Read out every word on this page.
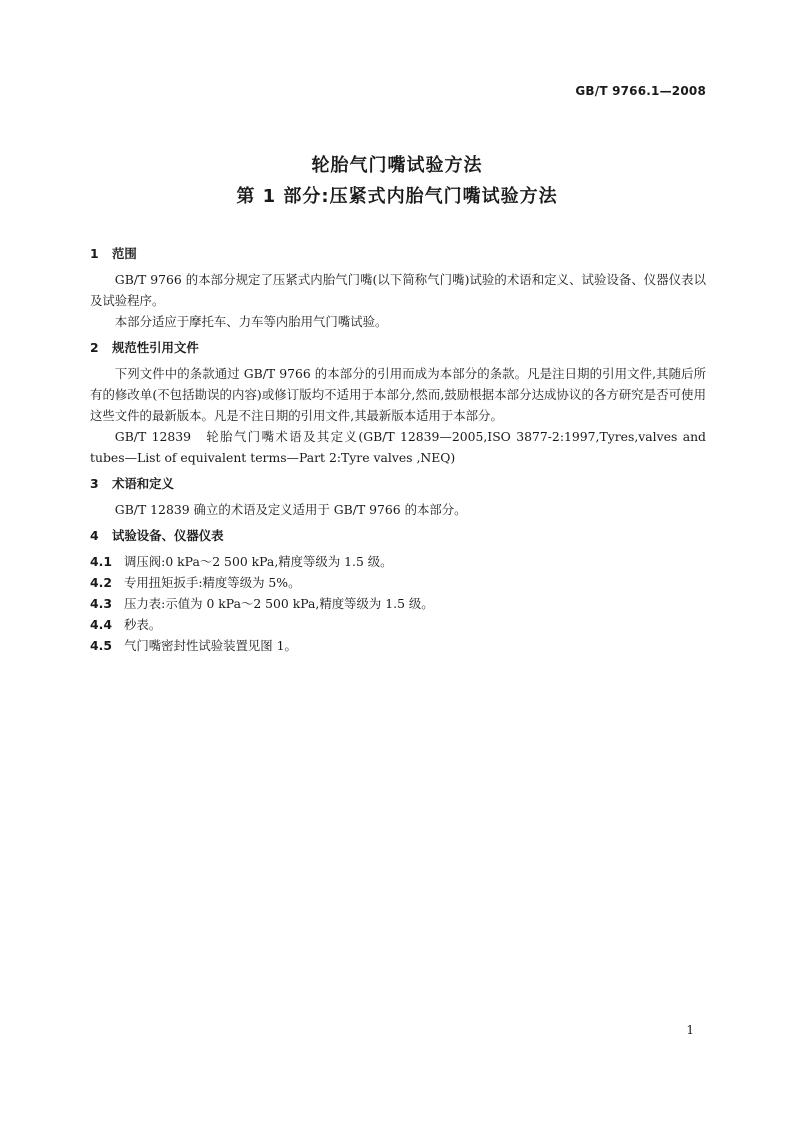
GB/T 9766.1—2008
轮胎气门嘴试验方法
第 1 部分:压紧式内胎气门嘴试验方法
1 范围

GB/T 9766 的本部分规定了压紧式内胎气门嘴(以下简称气门嘴)试验的术语和定义、试验设备、仪器仪表以及试验程序。

本部分适应于摩托车、力车等内胎用气门嘴试验。

2 规范性引用文件

下列文件中的条款通过 GB/T 9766 的本部分的引用而成为本部分的条款。凡是注日期的引用文件,其随后所有的修改单(不包括勘误的内容)或修订版均不适用于本部分,然而,鼓励根据本部分达成协议的各方研究是否可使用这些文件的最新版本。凡是不注日期的引用文件,其最新版本适用于本部分。

GB/T 12839　轮胎气门嘴术语及其定义(GB/T 12839—2005,ISO 3877-2:1997,Tyres,valves and tubes—List of equivalent terms—Part 2:Tyre valves ,NEQ)

3 术语和定义

GB/T 12839 确立的术语及定义适用于 GB/T 9766 的本部分。

4 试验设备、仪器仪表
4.1 调压阀:0 kPa～2 500 kPa,精度等级为 1.5 级。
4.2 专用扭矩扳手:精度等级为 5%。
4.3 压力表:示值为 0 kPa～2 500 kPa,精度等级为 1.5 级。
4.4 秒表。
4.5 气门嘴密封性试验装置见图 1。
1
